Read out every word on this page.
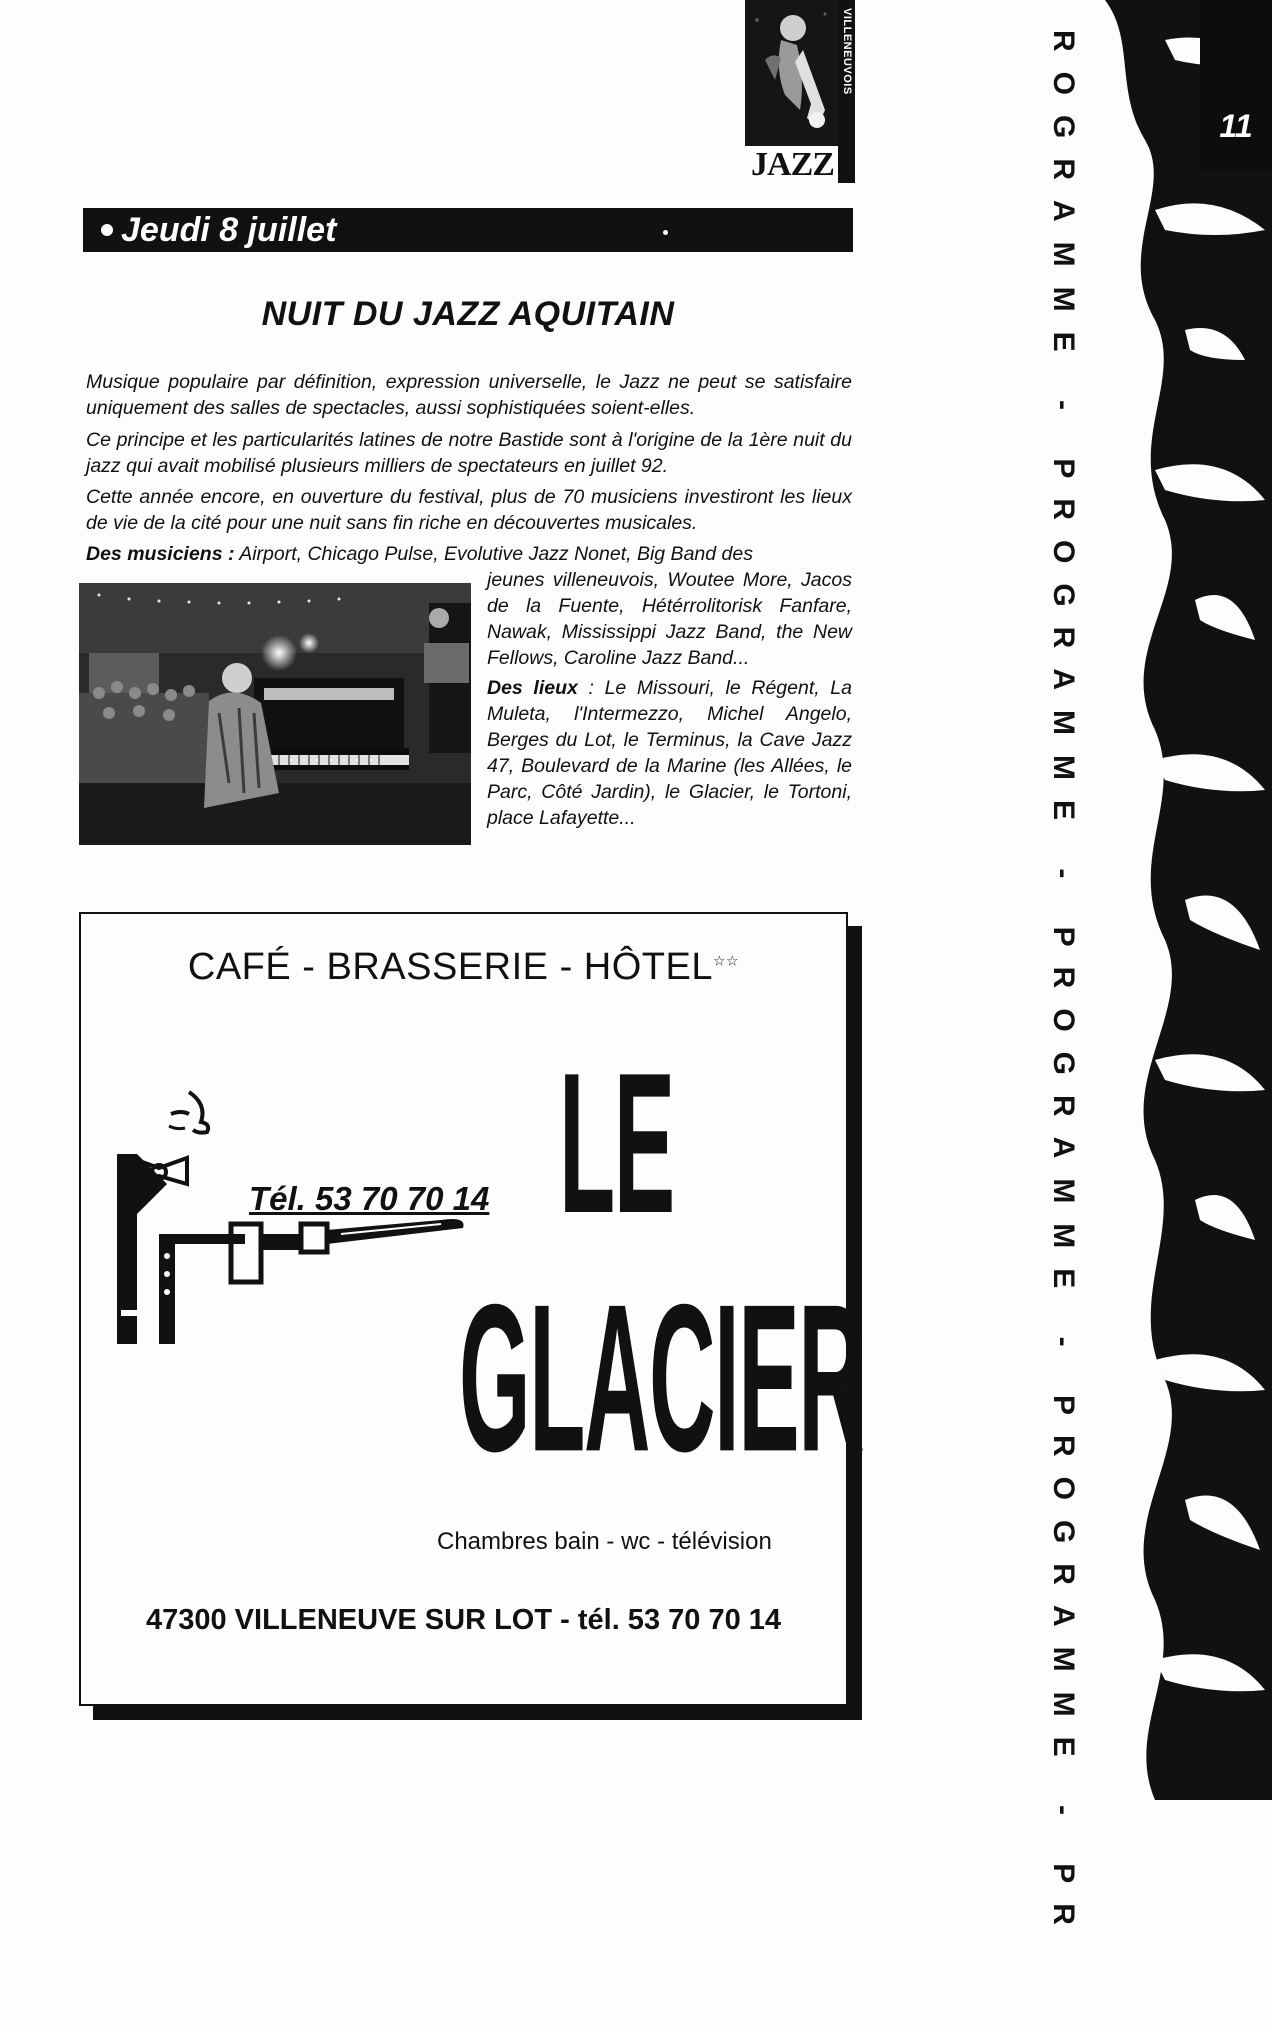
VILLENEUVOIS
JAZZ
Jeudi 8 juillet
NUIT DU JAZZ AQUITAIN

Musique populaire par définition, expression universelle, le Jazz ne peut se satisfaire uniquement des salles de spectacles, aussi sophistiquées soient-elles.

Ce principe et les particularités latines de notre Bastide sont à l'origine de la 1ère nuit du jazz qui avait mobilisé plusieurs milliers de spectateurs en juillet 92.

Cette année encore, en ouverture du festival, plus de 70 musiciens investiront les lieux de vie de la cité pour une nuit sans fin riche en découvertes musicales.

Des musiciens : Airport, Chicago Pulse, Evolutive Jazz Nonet, Big Band des

jeunes villeneuvois, Woutee More, Jacos de la Fuente, Hétérrolitorisk Fanfare, Nawak, Mississippi Jazz Band, the New Fellows, Caroline Jazz Band...

Des lieux : Le Missouri, le Régent, La Muleta, l'Intermezzo, Michel Angelo, Berges du Lot, le Terminus, la Cave Jazz 47, Boulevard de la Marine (les Allées, le Parc, Côté Jardin), le Glacier, le Tortoni, place Lafayette...

CAFÉ - BRASSERIE - HÔTEL☆☆
Tél. 53 70 70 14 LE
GLACIER
Chambres bain - wc - télévision
47300 VILLENEUVE SUR LOT - tél. 53 70 70 14
11
ROGRAMME - PROGRAMME - PROGRAMME - PROGRAMME - PR
